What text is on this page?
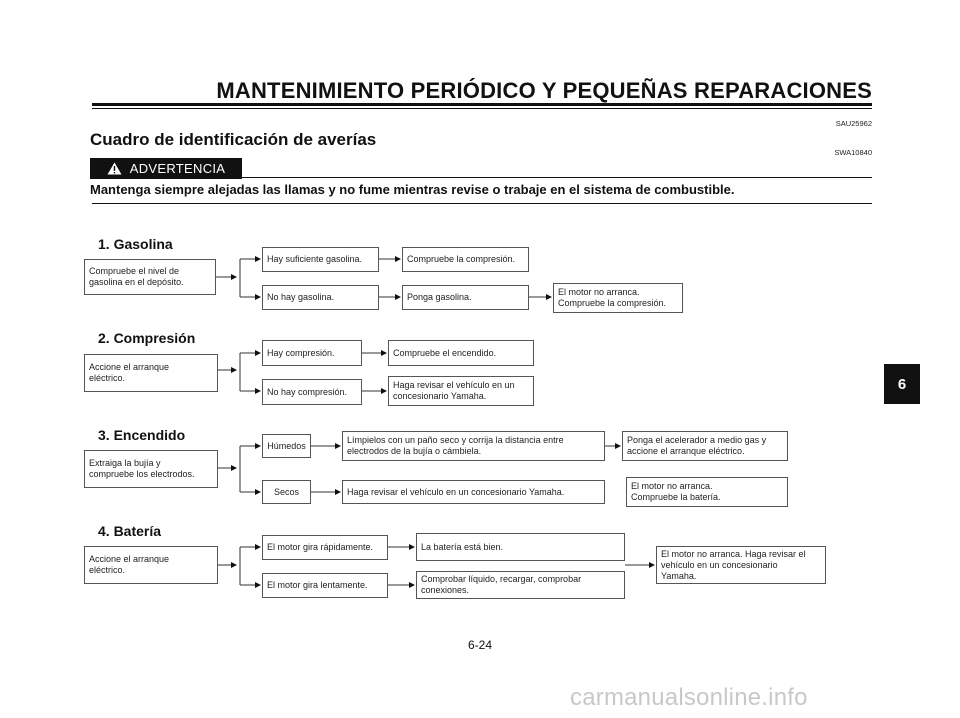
MANTENIMIENTO PERIÓDICO Y PEQUEÑAS REPARACIONES
SAU25962
Cuadro de identificación de averías
SWA10840
ADVERTENCIA
Mantenga siempre alejadas las llamas y no fume mientras revise o trabaje en el sistema de combustible.
1. Gasolina
Compruebe el nivel de
gasolina en el depósito.
Hay suficiente gasolina.	Compruebe la compresión.
No hay gasolina.	Ponga gasolina.	El motor no arranca.
Compruebe la compresión.
2. Compresión
Accione el arranque
eléctrico.
Hay compresión.	Compruebe el encendido.
No hay compresión.
Haga revisar el vehículo en un
concesionario Yamaha.
3. Encendido
Extraiga la bujía y
compruebe los electrodos.
Húmedos
Límpielos con un paño seco y corrija la distancia entre
electrodos de la bujía o cámbiela.
Ponga el acelerador a medio gas y
accione el arranque eléctrico.
El motor no arranca.
Compruebe la batería.
Secos	Haga revisar el vehículo en un concesionario Yamaha.
4. Batería
Accione el arranque
eléctrico.
El motor gira rápidamente.	La batería está bien.
El motor gira lentamente.
Comprobar líquido, recargar, comprobar
conexiones.
El motor no arranca. Haga revisar el
vehículo en un concesionario
Yamaha.
6
6-24
carmanualsonline.info
